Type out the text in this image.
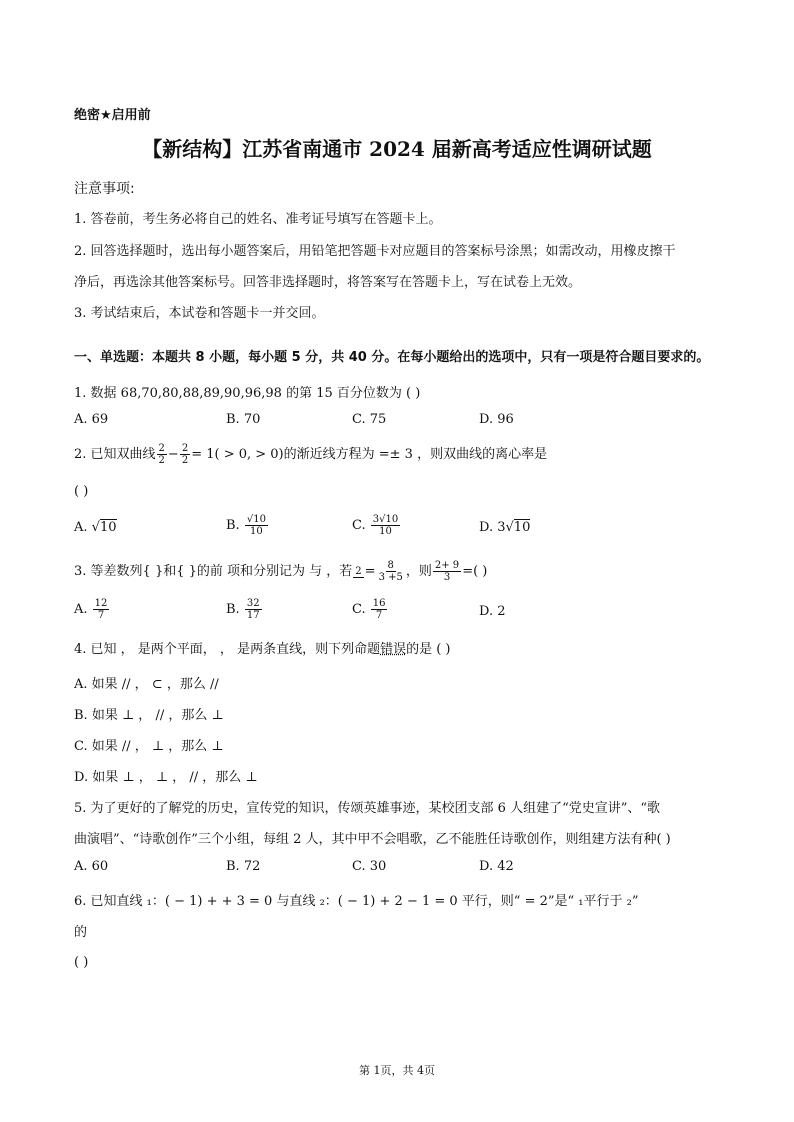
绝密★启用前
【新结构】江苏省南通市 2024 届新高考适应性调研试题
注意事项:
1. 答卷前，考生务必将自己的姓名、准考证号填写在答题卡上。
2. 回答选择题时，选出每小题答案后，用铅笔把答题卡对应题目的答案标号涂黑；如需改动，用橡皮擦干
净后，再选涂其他答案标号。回答非选择题时，将答案写在答题卡上，写在试卷上无效。
3. 考试结束后，本试卷和答题卡一并交回。
一、单选题：本题共 8 小题，每小题 5 分，共 40 分。在每小题给出的选项中，只有一项是符合题目要求的。
1. 数据 68,70,80,88,89,90,96,98 的第 15 百分位数为 ( )
A. 69	B. 70	C. 75	D. 96
2. 已知双曲线 $\frac{2}{2} - \frac{2}{2} = 1( > 0$, > 0)的渐近线方程为 =± 3 ，则双曲线的离心率是
( )
A. √10	B. $\frac{√10}{10}$	C. $\frac{3√10}{10}$	D. 3√10
3. 等差数列{ }和{ }的前 项和分别记为 与 ，若 $2 = \frac{8}{3 +5}$ ，则 $\frac{2+ 9}{3}$ =( )
A. $\frac{12}{7}$	B. $\frac{32}{17}$	C. $\frac{16}{7}$	D. 2
4. 已知 ， 是两个平面， ， 是两条直线，则下列命题错误的是 ( )
A. 如果 // ， ⊂ ，那么 //
B. 如果 ⊥ ， // ，那么 ⊥
C. 如果 // ， ⊥ ，那么 ⊥
D. 如果 ⊥ ， ⊥ ， // ，那么 ⊥
5. 为了更好的了解党的历史，宣传党的知识，传颂英雄事迹，某校团支部 6 人组建了“党史宣讲”、“歌
曲演唱”、“诗歌创作”三个小组，每组 2 人，其中甲不会唱歌，乙不能胜任诗歌创作，则组建方法有种( )
A. 60	B. 72	C. 30	D. 42
6. 已知直线 ₁：( − 1) + + 3 = 0 与直线 ₂：( − 1) + 2 − 1 = 0 平行，则“ = 2”是“ ₁平行于 ₂”
的
( )
第 1页，共 4页
